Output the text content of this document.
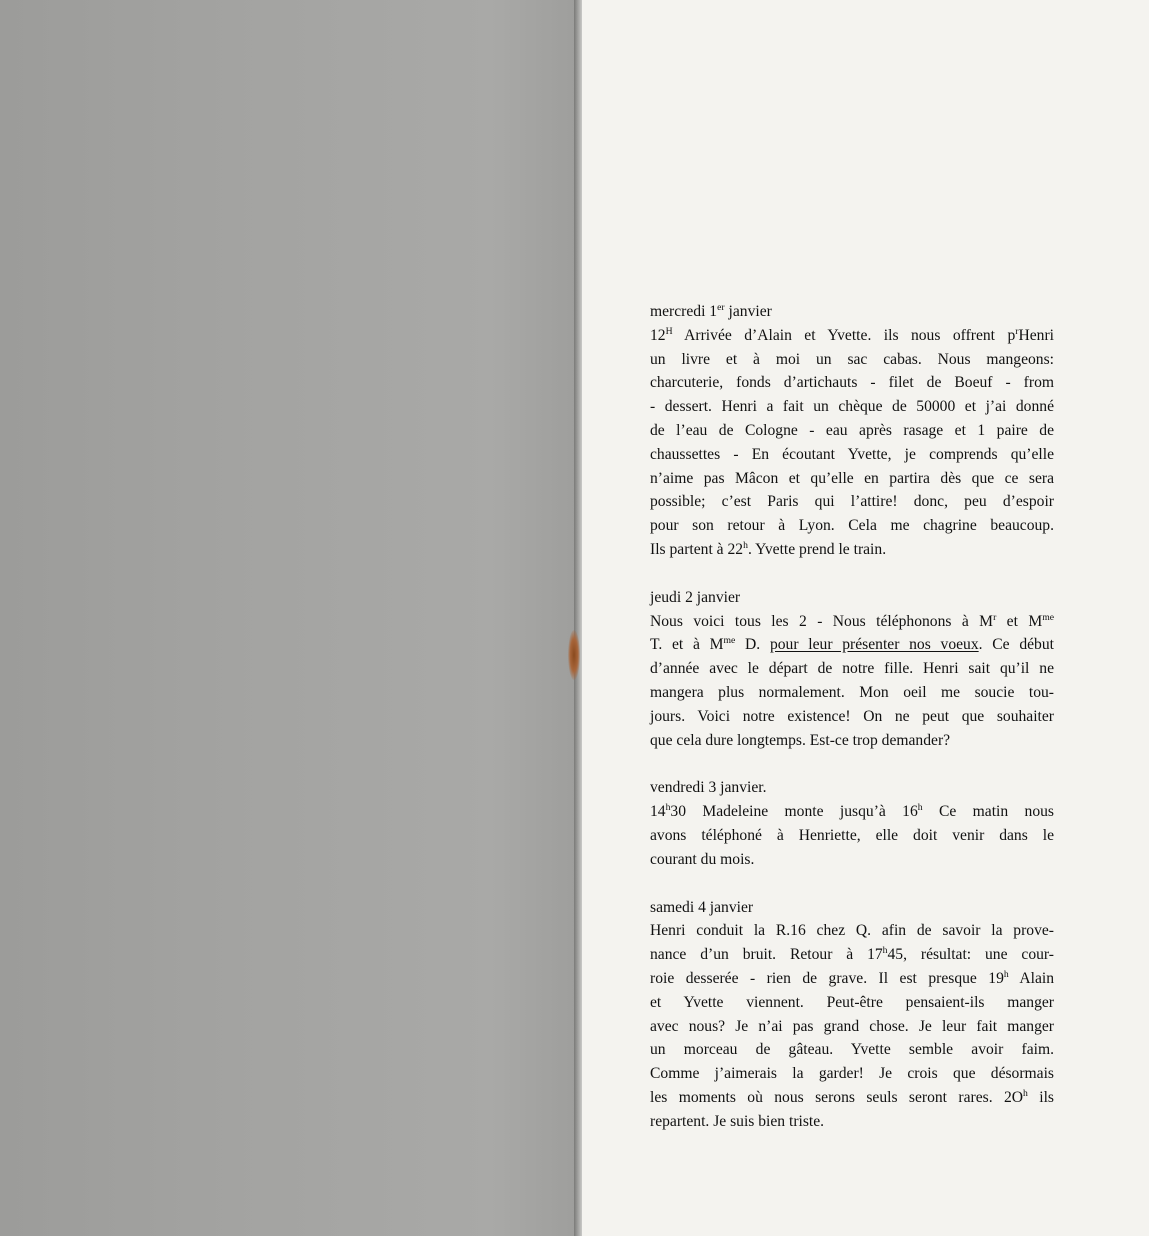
mercredi 1er janvier
$12^H$ Arrivée d’Alain et Yvette. ils nous offrent $p^rHenri$
un livre et à moi un sac cabas. Nous mangeons:
charcuterie, fonds d’artichauts - filet de Boeuf - from
- dessert. Henri a fait un chèque de 50000 et j’ai donné
de l’eau de Cologne - eau après rasage et 1 paire de
chaussettes - En écoutant Yvette, je comprends qu’elle
n’aime pas Mâcon et qu’elle en partira dès que ce sera
possible; c’est Paris qui l’attire! donc, peu d’espoir
pour son retour à Lyon. Cela me chagrine beaucoup.
Ils partent à 22$^h$. Yvette prend le train.
jeudi 2 janvier
Nous voici tous les 2 - Nous téléphonons à $M^r$ et $M^{me}$
T. et à $M^{me}$ D. pour leur présenter nos voeux. Ce début
d’année avec le départ de notre fille. Henri sait qu’il ne
mangera plus normalement. Mon oeil me soucie tou-
jours. Voici notre existence! On ne peut que souhaiter
que cela dure longtemps. Est-ce trop demander?
vendredi 3 janvier.
14$^h$30 Madeleine monte jusqu’à 16$^h$ Ce matin nous
avons téléphoné à Henriette, elle doit venir dans le
courant du mois.
samedi 4 janvier
Henri conduit la R.16 chez Q. afin de savoir la prove-
nance d’un bruit. Retour à 17$^h$45, résultat: une cour-
roie desserée - rien de grave. Il est presque 19$^h$ Alain
et Yvette viennent. Peut-être pensaient-ils manger
avec nous? Je n’ai pas grand chose. Je leur fait manger
un morceau de gâteau. Yvette semble avoir faim.
Comme j’aimerais la garder! Je crois que désormais
les moments où nous serons seuls seront rares. $2O^h$ ils
repartent. Je suis bien triste.
